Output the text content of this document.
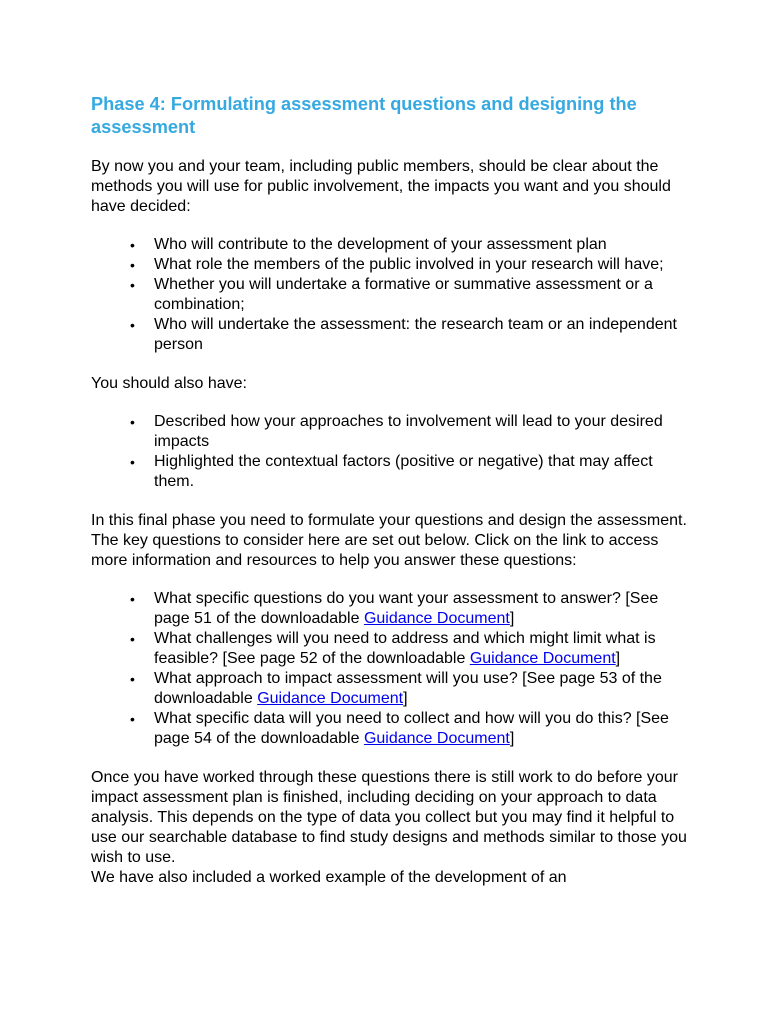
Phase 4: Formulating assessment questions and designing the assessment

By now you and your team, including public members, should be clear about the methods you will use for public involvement, the impacts you want and you should have decided:

• Who will contribute to the development of your assessment plan
• What role the members of the public involved in your research will have;
• Whether you will undertake a formative or summative assessment or a combination;
• Who will undertake the assessment: the research team or an independent person

You should also have:

• Described how your approaches to involvement will lead to your desired impacts
• Highlighted the contextual factors (positive or negative) that may affect them.

In this final phase you need to formulate your questions and design the assessment. The key questions to consider here are set out below. Click on the link to access more information and resources to help you answer these questions:

• What specific questions do you want your assessment to answer? [See page 51 of the downloadable Guidance Document]
• What challenges will you need to address and which might limit what is feasible? [See page 52 of the downloadable Guidance Document]
• What approach to impact assessment will you use? [See page 53 of the downloadable Guidance Document]
• What specific data will you need to collect and how will you do this? [See page 54 of the downloadable Guidance Document]

Once you have worked through these questions there is still work to do before your impact assessment plan is finished, including deciding on your approach to data analysis. This depends on the type of data you collect but you may find it helpful to use our searchable database to find study designs and methods similar to those you wish to use.

We have also included a worked example of the development of an
